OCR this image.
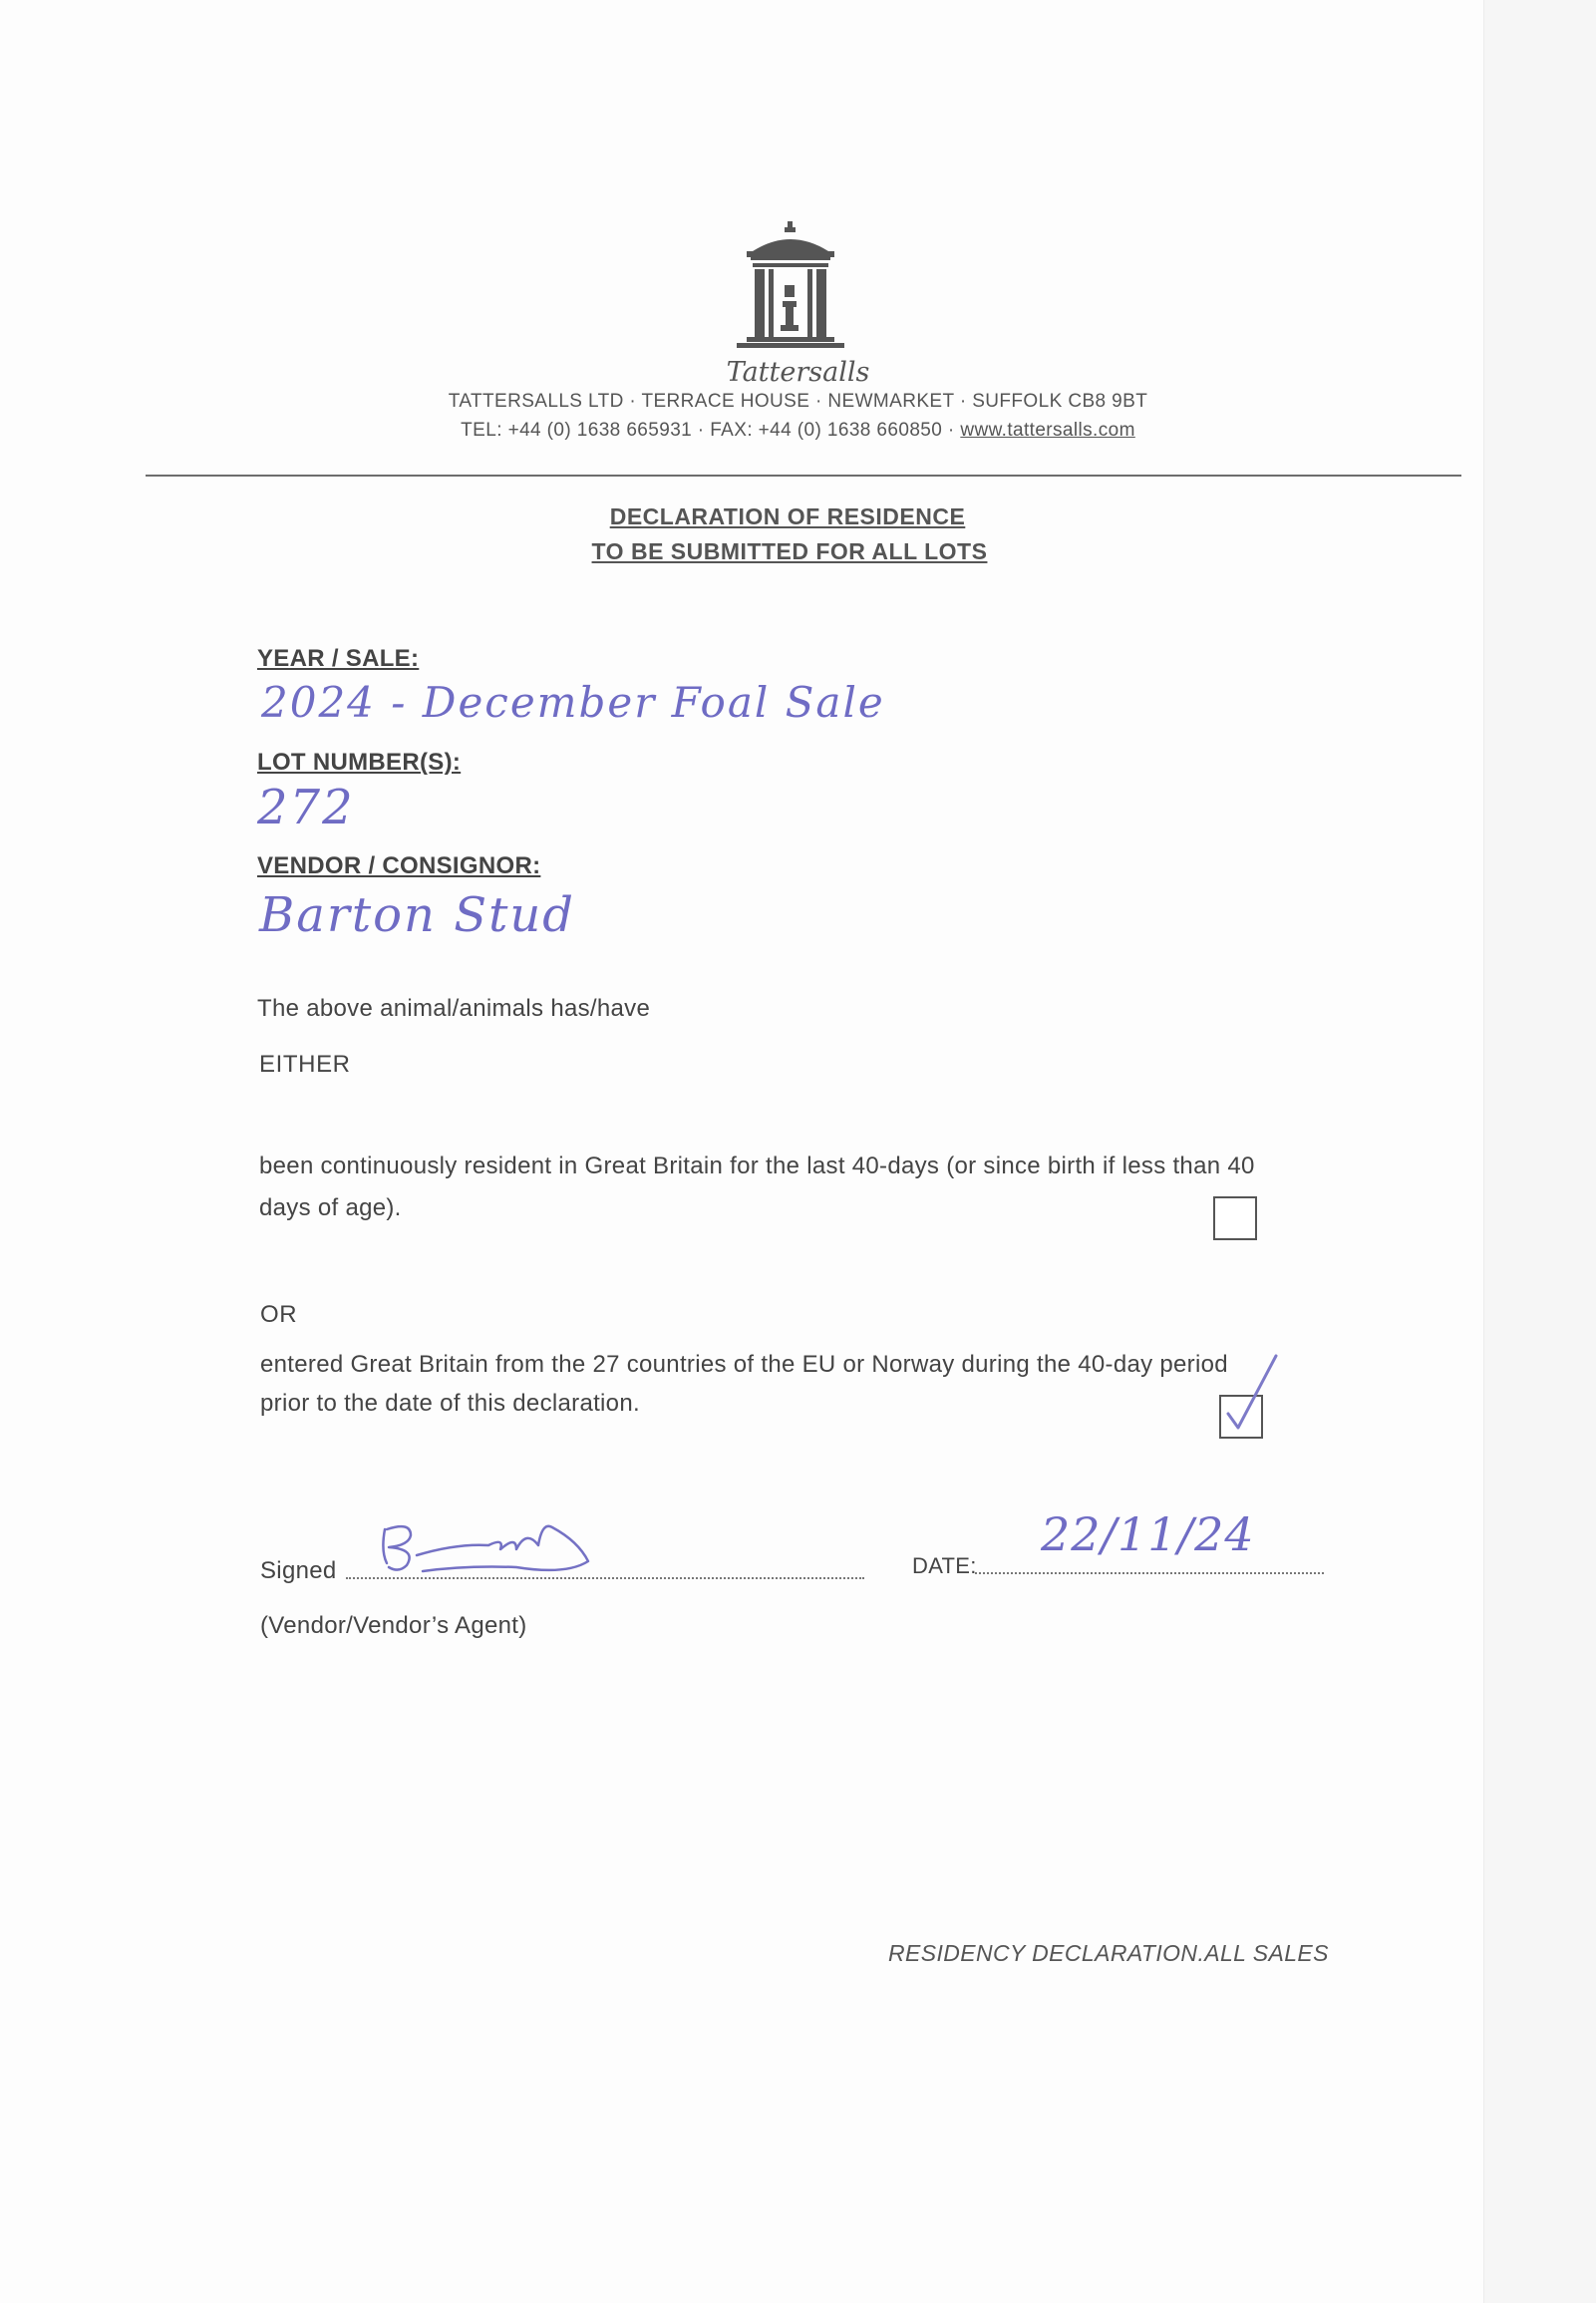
Tattersalls
TATTERSALLS LTD · TERRACE HOUSE · NEWMARKET · SUFFOLK CB8 9BT
TEL: +44 (0) 1638 665931 · FAX: +44 (0) 1638 660850 · www.tattersalls.com
DECLARATION OF RESIDENCE
TO BE SUBMITTED FOR ALL LOTS
YEAR / SALE:
2024 - December Foal Sale
LOT NUMBER(S):
272
VENDOR / CONSIGNOR:
Barton Stud
The above animal/animals has/have
EITHER
been continuously resident in Great Britain for the last 40-days (or since birth if less than 40
days of age).
OR
entered Great Britain from the 27 countries of the EU or Norway during the 40-day period
prior to the date of this declaration.
Signed	DATE:
22/11/24
(Vendor/Vendor’s Agent)
RESIDENCY DECLARATION.ALL SALES
